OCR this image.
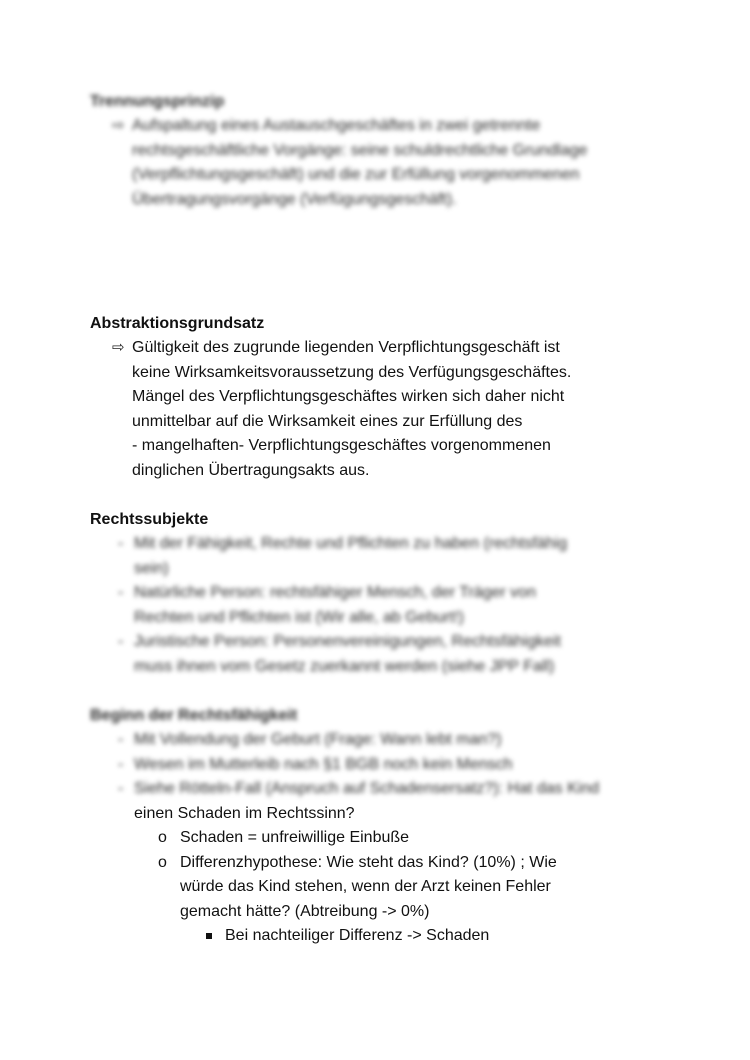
Trennungsprinzip

⇨ Aufspaltung eines Austauschgeschäftes in zwei getrennte
rechtsgeschäftliche Vorgänge: seine schuldrechtliche Grundlage
(Verpflichtungsgeschäft) und die zur Erfüllung vorgenommenen
Übertragungsvorgänge (Verfügungsgeschäft).

Abstraktionsgrundsatz

⇨ Gültigkeit des zugrunde liegenden Verpflichtungsgeschäft ist
keine Wirksamkeitsvoraussetzung des Verfügungsgeschäftes.
Mängel des Verpflichtungsgeschäftes wirken sich daher nicht
unmittelbar auf die Wirksamkeit eines zur Erfüllung des
- mangelhaften- Verpflichtungsgeschäftes vorgenommenen
dinglichen Übertragungsakts aus.

Rechtssubjekte

- Mit der Fähigkeit, Rechte und Pflichten zu haben (rechtsfähig
sein)
- Natürliche Person: rechtsfähiger Mensch, der Träger von
Rechten und Pflichten ist (Wir alle, ab Geburt!)
- Juristische Person: Personenvereinigungen, Rechtsfähigkeit
muss ihnen vom Gesetz zuerkannt werden (siehe JPP Fall)

Beginn der Rechtsfähigkeit

- Mit Vollendung der Geburt (Frage: Wann lebt man?)
- Wesen im Mutterleib nach §1 BGB noch kein Mensch
- Siehe Rötteln-Fall (Anspruch auf Schadensersatz?): Hat das Kind
einen Schaden im Rechtssinn?
o Schaden = unfreiwillige Einbuße
o Differenzhypothese: Wie steht das Kind? (10%) ; Wie
würde das Kind stehen, wenn der Arzt keinen Fehler
gemacht hätte? (Abtreibung -> 0%)
Bei nachteiliger Differenz -> Schaden
